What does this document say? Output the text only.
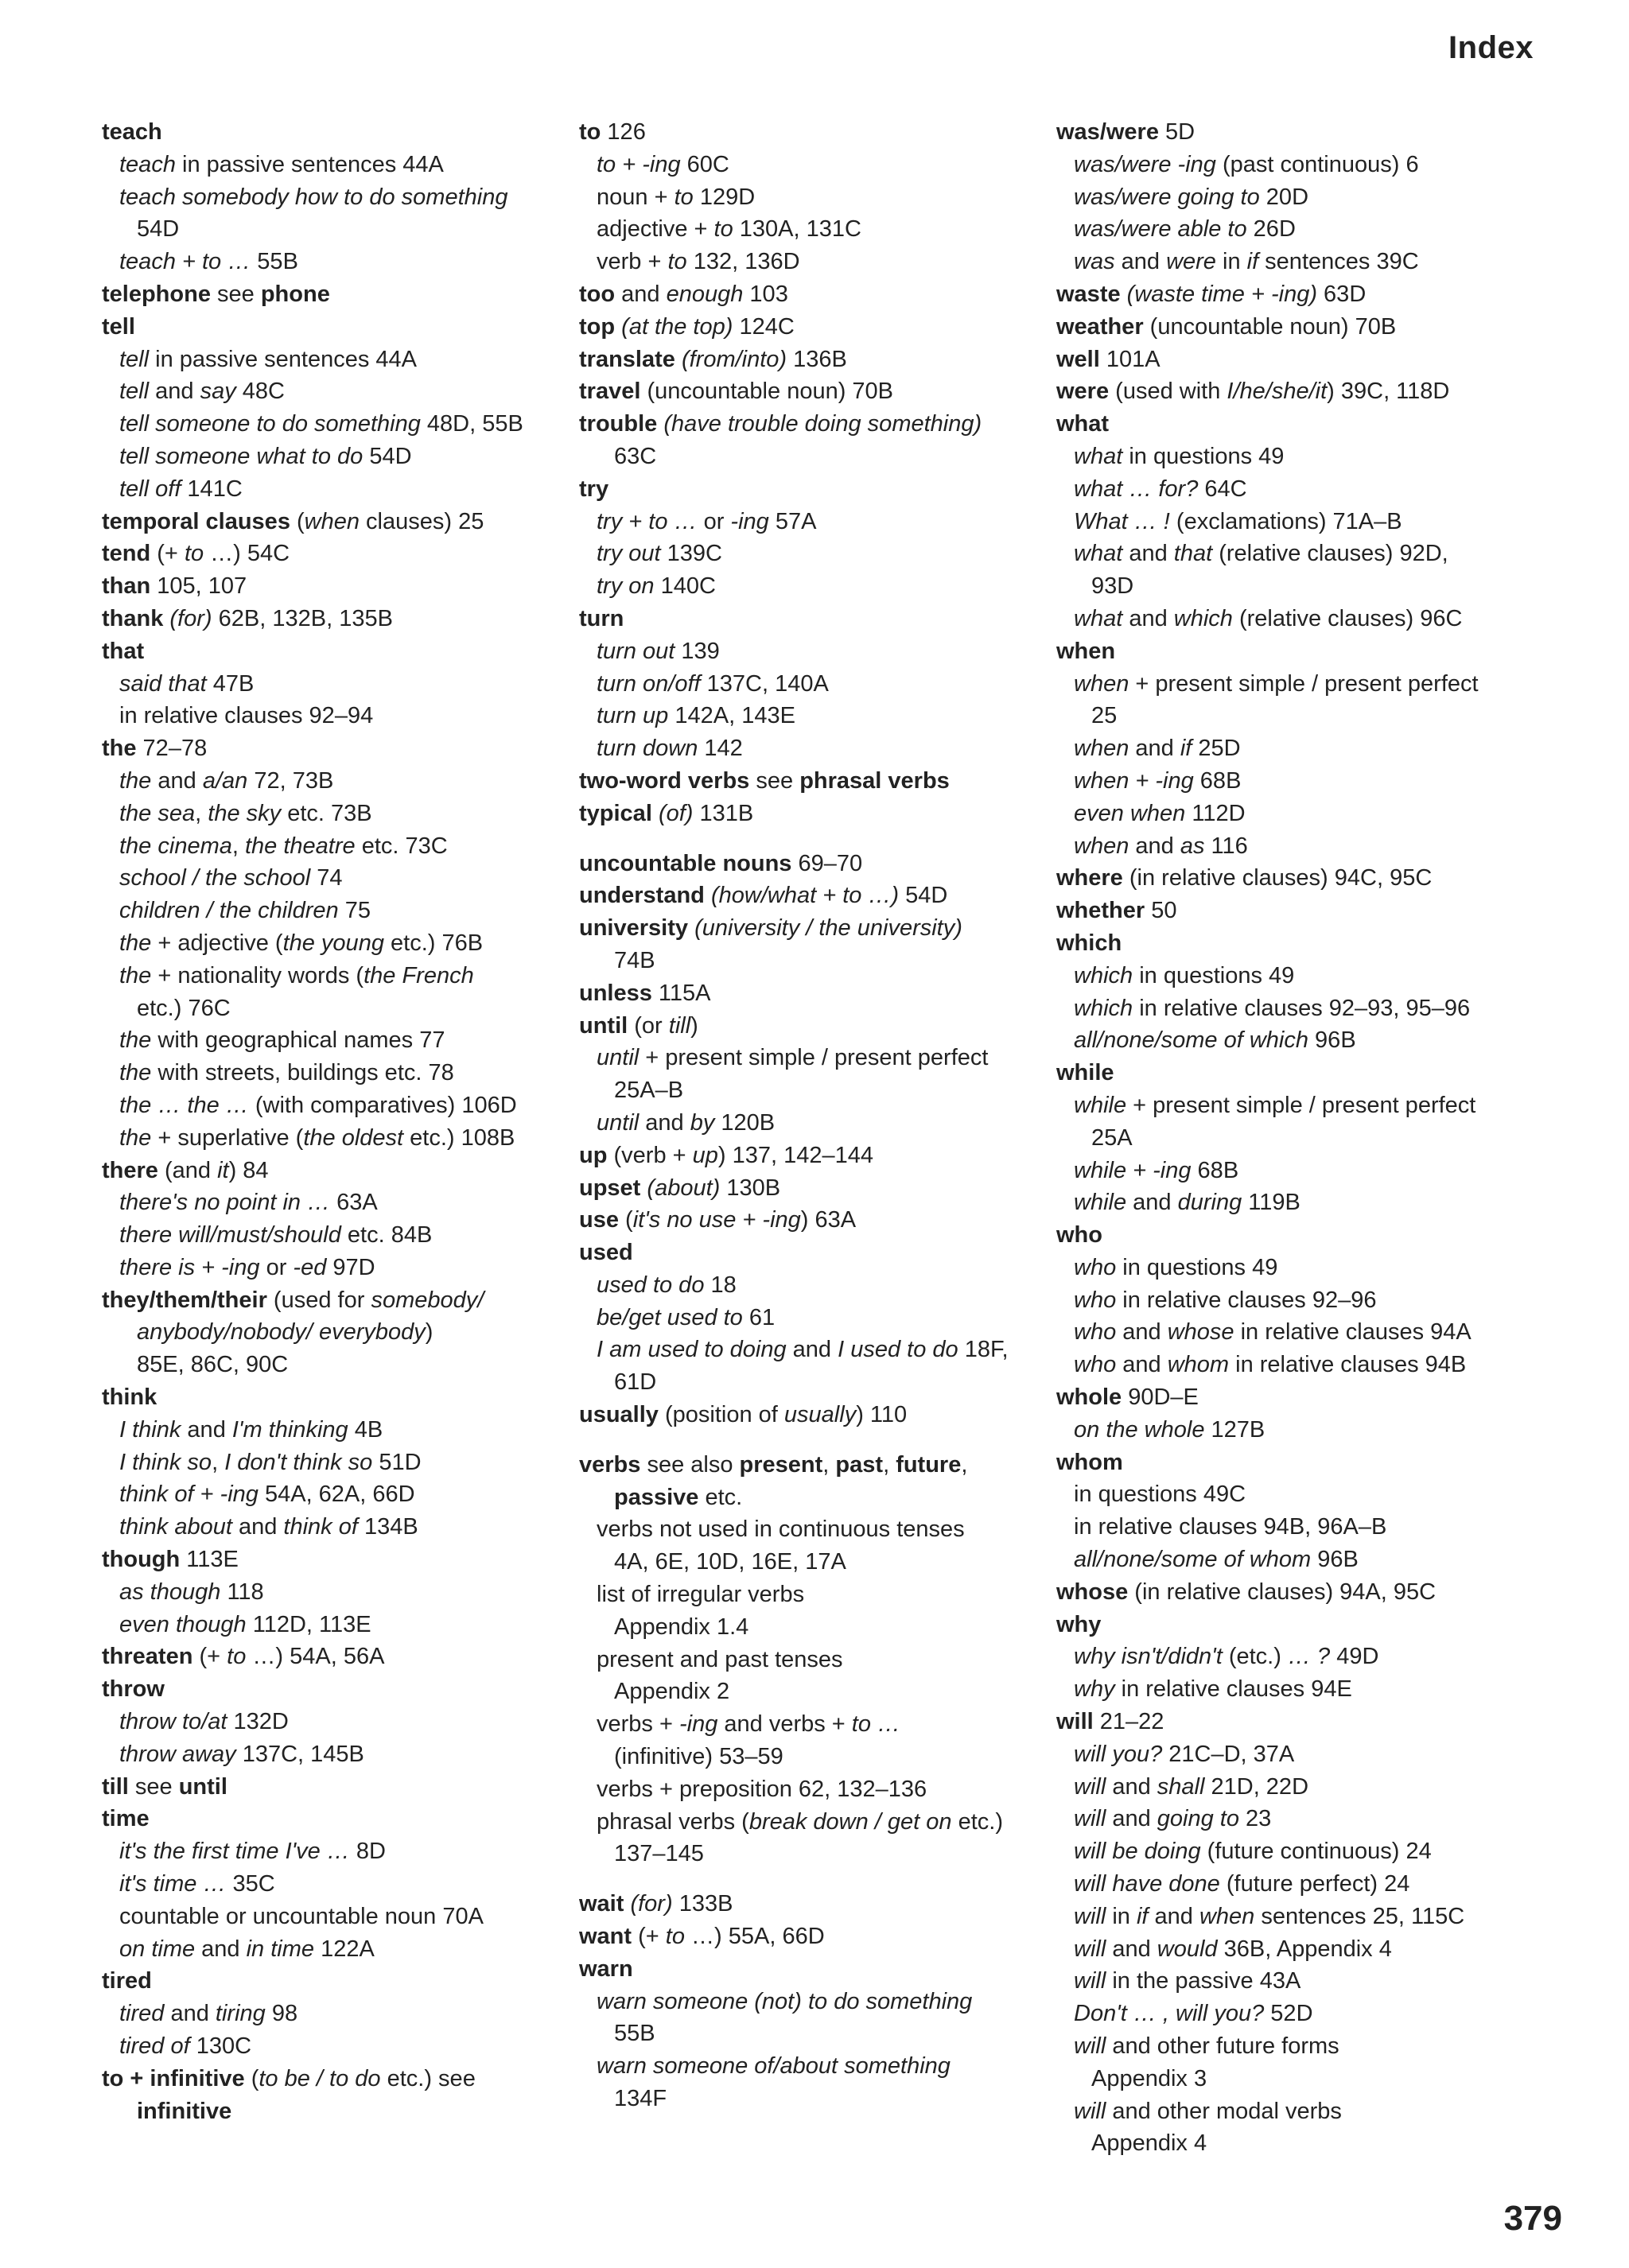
Index
teach
teach in passive sentences 44A
teach somebody how to do something
54D
teach + to … 55B
telephone see phone
tell
tell in passive sentences 44A
tell and say 48C
tell someone to do something 48D, 55B
tell someone what to do 54D
tell off 141C
temporal clauses (when clauses) 25
tend (+ to …) 54C
than 105, 107
thank (for) 62B, 132B, 135B
that
said that 47B
in relative clauses 92–94
the 72–78
the and a/an 72, 73B
the sea, the sky etc. 73B
the cinema, the theatre etc. 73C
school / the school 74
children / the children 75
the + adjective (the young etc.) 76B
the + nationality words (the French
etc.) 76C
the with geographical names 77
the with streets, buildings etc. 78
the … the … (with comparatives) 106D
the + superlative (the oldest etc.) 108B
there (and it) 84
there's no point in … 63A
there will/must/should etc. 84B
there is + -ing or -ed 97D
they/them/their (used for somebody/
anybody/nobody/ everybody)
85E, 86C, 90C
think
I think and I'm thinking 4B
I think so, I don't think so 51D
think of + -ing 54A, 62A, 66D
think about and think of 134B
though 113E
as though 118
even though 112D, 113E
threaten (+ to …) 54A, 56A
throw
throw to/at 132D
throw away 137C, 145B
till see until
time
it's the first time I've … 8D
it's time … 35C
countable or uncountable noun 70A
on time and in time 122A
tired
tired and tiring 98
tired of 130C
to + infinitive (to be / to do etc.) see
infinitive
to 126
to + -ing 60C
noun + to 129D
adjective + to 130A, 131C
verb + to 132, 136D
too and enough 103
top (at the top) 124C
translate (from/into) 136B
travel (uncountable noun) 70B
trouble (have trouble doing something)
63C
try
try + to … or -ing 57A
try out 139C
try on 140C
turn
turn out 139
turn on/off 137C, 140A
turn up 142A, 143E
turn down 142
two-word verbs see phrasal verbs
typical (of) 131B
uncountable nouns 69–70
understand (how/what + to …) 54D
university (university / the university)
74B
unless 115A
until (or till)
until + present simple / present perfect
25A–B
until and by 120B
up (verb + up) 137, 142–144
upset (about) 130B
use (it's no use + -ing) 63A
used
used to do 18
be/get used to 61
I am used to doing and I used to do 18F,
61D
usually (position of usually) 110
verbs see also present, past, future,
passive etc.
verbs not used in continuous tenses
4A, 6E, 10D, 16E, 17A
list of irregular verbs
Appendix 1.4
present and past tenses
Appendix 2
verbs + -ing and verbs + to …
(infinitive) 53–59
verbs + preposition 62, 132–136
phrasal verbs (break down / get on etc.)
137–145
wait (for) 133B
want (+ to …) 55A, 66D
warn
warn someone (not) to do something
55B
warn someone of/about something
134F
was/were 5D
was/were -ing (past continuous) 6
was/were going to 20D
was/were able to 26D
was and were in if sentences 39C
waste (waste time + -ing) 63D
weather (uncountable noun) 70B
well 101A
were (used with I/he/she/it) 39C, 118D
what
what in questions 49
what … for? 64C
What … ! (exclamations) 71A–B
what and that (relative clauses) 92D,
93D
what and which (relative clauses) 96C
when
when + present simple / present perfect
25
when and if 25D
when + -ing 68B
even when 112D
when and as 116
where (in relative clauses) 94C, 95C
whether 50
which
which in questions 49
which in relative clauses 92–93, 95–96
all/none/some of which 96B
while
while + present simple / present perfect
25A
while + -ing 68B
while and during 119B
who
who in questions 49
who in relative clauses 92–96
who and whose in relative clauses 94A
who and whom in relative clauses 94B
whole 90D–E
on the whole 127B
whom
in questions 49C
in relative clauses 94B, 96A–B
all/none/some of whom 96B
whose (in relative clauses) 94A, 95C
why
why isn't/didn't (etc.) … ? 49D
why in relative clauses 94E
will 21–22
will you? 21C–D, 37A
will and shall 21D, 22D
will and going to 23
will be doing (future continuous) 24
will have done (future perfect) 24
will in if and when sentences 25, 115C
will and would 36B, Appendix 4
will in the passive 43A
Don't … , will you? 52D
will and other future forms
Appendix 3
will and other modal verbs
Appendix 4
379
